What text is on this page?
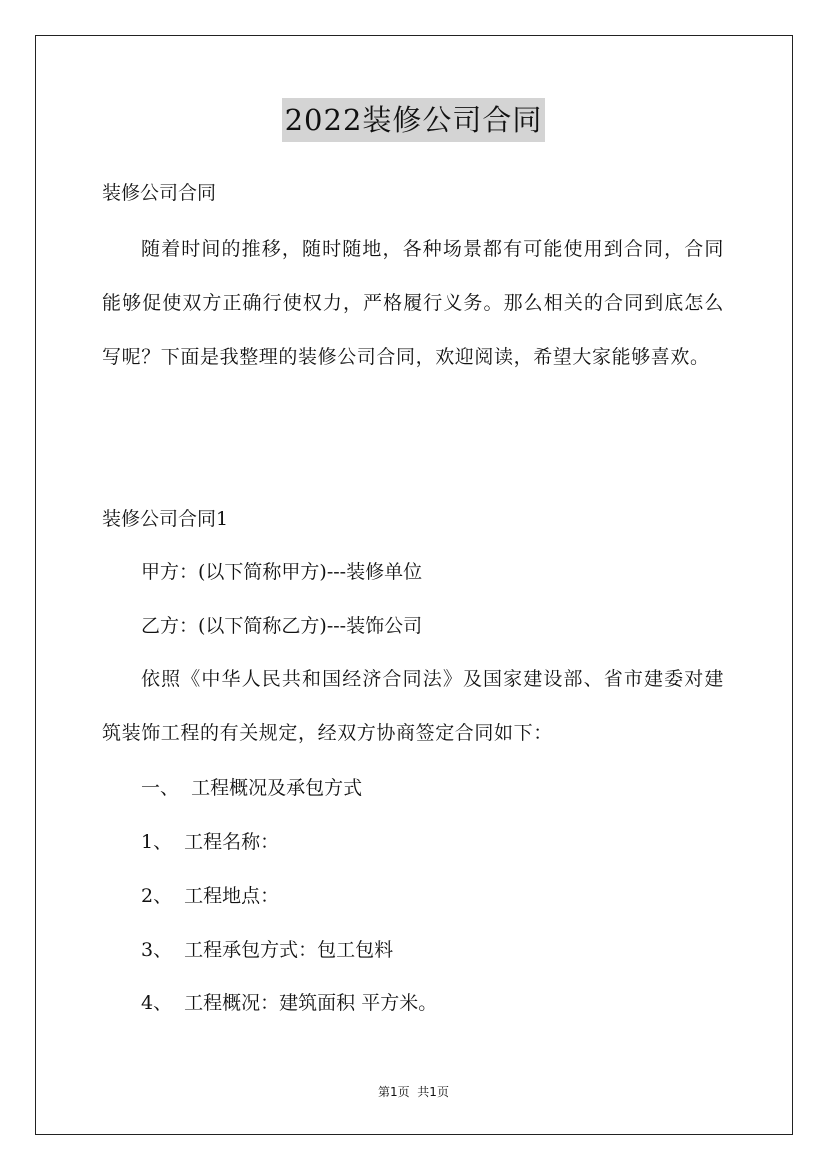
2022装修公司合同
装修公司合同
随着时间的推移，随时随地，各种场景都有可能使用到合同，合同能够促使双方正确行使权力，严格履行义务。那么相关的合同到底怎么写呢？下面是我整理的装修公司合同，欢迎阅读，希望大家能够喜欢。
装修公司合同1
甲方：(以下简称甲方)---装修单位
乙方：(以下简称乙方)---装饰公司
依照《中华人民共和国经济合同法》及国家建设部、省市建委对建筑装饰工程的有关规定，经双方协商签定合同如下：
一、  工程概况及承包方式
1、  工程名称：
2、  工程地点：
3、  工程承包方式：包工包料
4、  工程概况：建筑面积 平方米。
第1页  共1页
